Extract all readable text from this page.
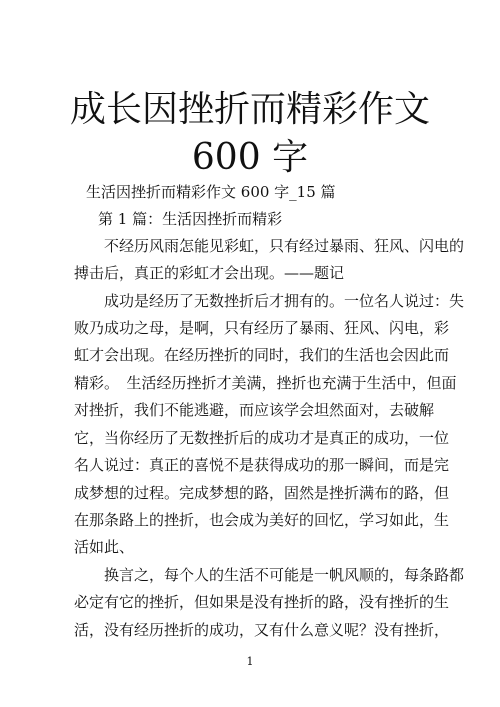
成长因挫折而精彩作文
600 字
生活因挫折而精彩作文 600 字_15 篇
第 1 篇：生活因挫折而精彩
不经历风雨怎能见彩虹，只有经过暴雨、狂风、闪电的
搏击后，真正的彩虹才会出现。——题记
成功是经历了无数挫折后才拥有的。一位名人说过：失
败乃成功之母，是啊，只有经历了暴雨、狂风、闪电，彩
虹才会出现。在经历挫折的同时，我们的生活也会因此而
精彩。　生活经历挫折才美满，挫折也充满于生活中，但面
对挫折，我们不能逃避，而应该学会坦然面对，去破解
它，当你经历了无数挫折后的成功才是真正的成功，一位
名人说过：真正的喜悦不是获得成功的那一瞬间，而是完
成梦想的过程。完成梦想的路，固然是挫折满布的路，但
在那条路上的挫折，也会成为美好的回忆，学习如此，生
活如此、
换言之，每个人的生活不可能是一帆风顺的，每条路都
必定有它的挫折，但如果是没有挫折的路，没有挫折的生
活，没有经历挫折的成功，又有什么意义呢？没有挫折，
1
